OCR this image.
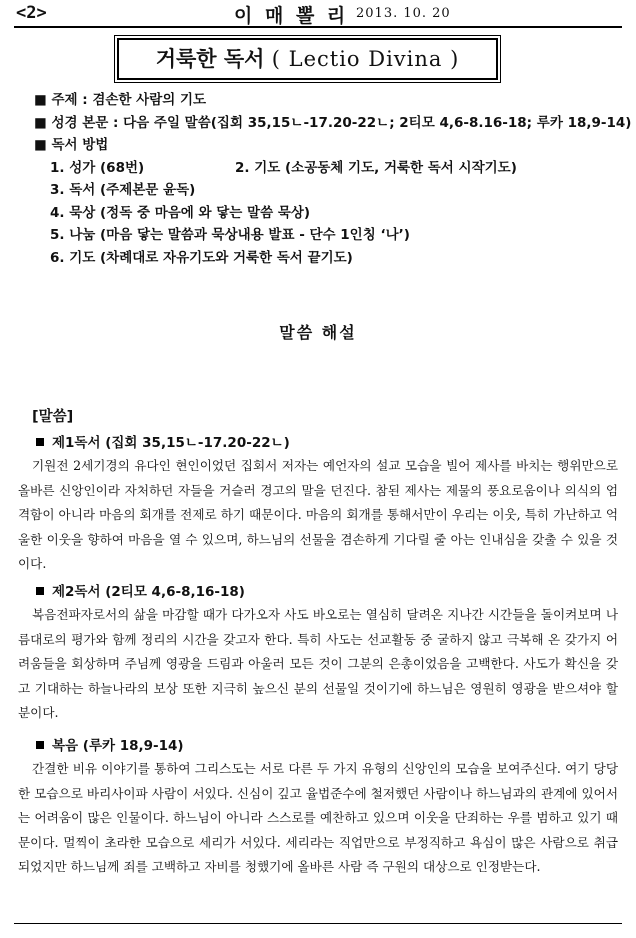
<2>	이 매 뽈 리 2013. 10. 20
거룩한 독서 ( Lectio Divina )
■ 주제 : 겸손한 사람의 기도
■ 성경 본문 : 다음 주일 말씀(집회 35,15ㄴ-17.20-22ㄴ; 2티모 4,6-8.16-18; 루카 18,9-14)
■ 독서 방법
1. 성가 (68번)	2. 기도 (소공동체 기도, 거룩한 독서 시작기도)
3. 독서 (주제본문 윤독)
4. 묵상 (정독 중 마음에 와 닿는 말씀 묵상)
5. 나눔 (마음 닿는 말씀과 묵상내용 발표 - 단수 1인칭 ‘나’)
6. 기도 (차례대로 자유기도와 거룩한 독서 끝기도)
말씀 해설
[말씀]
제1독서 (집회 35,15ㄴ-17.20-22ㄴ)

기원전 2세기경의 유다인 현인이었던 집회서 저자는 예언자의 설교 모습을 빌어 제사를 바치는 행위만으로 올바른 신앙인이라 자처하던 자들을 거슬러 경고의 말을 던진다. 참된 제사는 제물의 풍요로움이나 의식의 엄격함이 아니라 마음의 회개를 전제로 하기 때문이다. 마음의 회개를 통해서만이 우리는 이웃, 특히 가난하고 억울한 이웃을 향하여 마음을 열 수 있으며, 하느님의 선물을 겸손하게 기다릴 줄 아는 인내심을 갖출 수 있을 것이다.

제2독서 (2티모 4,6-8,16-18)

복음전파자로서의 삶을 마감할 때가 다가오자 사도 바오로는 열심히 달려온 지나간 시간들을 돌이켜보며 나름대로의 평가와 함께 정리의 시간을 갖고자 한다. 특히 사도는 선교활동 중 굴하지 않고 극복해 온 갖가지 어려움들을 회상하며 주님께 영광을 드림과 아울러 모든 것이 그분의 은총이었음을 고백한다. 사도가 확신을 갖고 기대하는 하늘나라의 보상 또한 지극히 높으신 분의 선물일 것이기에 하느님은 영원히 영광을 받으셔야 할 분이다.

복음 (루카 18,9-14)

간결한 비유 이야기를 통하여 그리스도는 서로 다른 두 가지 유형의 신앙인의 모습을 보여주신다. 여기 당당한 모습으로 바리사이파 사람이 서있다. 신심이 깊고 율법준수에 철저했던 사람이나 하느님과의 관계에 있어서는 어려움이 많은 인물이다. 하느님이 아니라 스스로를 예찬하고 있으며 이웃을 단죄하는 우를 범하고 있기 때문이다. 멀찍이 초라한 모습으로 세리가 서있다. 세리라는 직업만으로 부정직하고 욕심이 많은 사람으로 취급되었지만 하느님께 죄를 고백하고 자비를 청했기에 올바른 사람 즉 구원의 대상으로 인정받는다.
